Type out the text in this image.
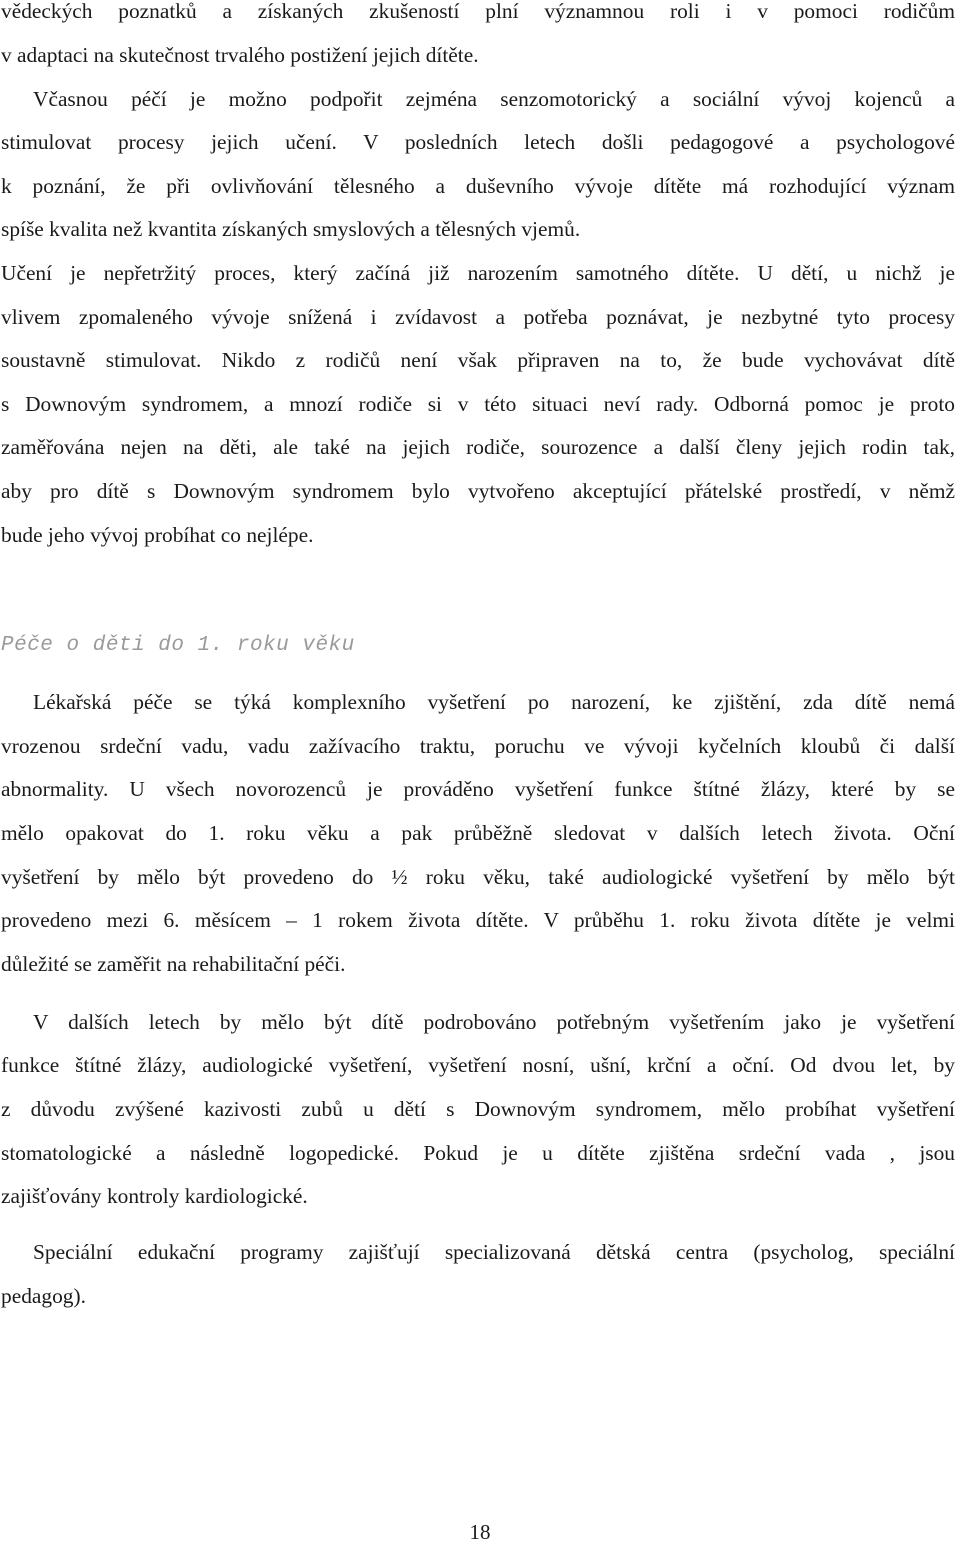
vědeckých poznatků a získaných zkušeností plní významnou roli i v pomoci rodičům
v adaptaci na skutečnost trvalého postižení jejich dítěte.
Včasnou péčí je možno podpořit zejména senzomotorický a sociální vývoj kojenců a
stimulovat procesy jejich učení. V posledních letech došli pedagogové a psychologové
k poznání, že při ovlivňování tělesného a duševního vývoje dítěte má rozhodující význam
spíše kvalita než kvantita získaných smyslových a tělesných vjemů.
Učení je nepřetržitý proces, který začíná již narozením samotného dítěte. U dětí, u nichž je
vlivem zpomaleného vývoje snížená i zvídavost a potřeba poznávat, je nezbytné tyto procesy
soustavně stimulovat. Nikdo z rodičů není však připraven na to, že bude vychovávat dítě
s Downovým syndromem, a mnozí rodiče si v této situaci neví rady. Odborná pomoc je proto
zaměřována nejen na děti, ale také na jejich rodiče, sourozence a další členy jejich rodin tak,
aby pro dítě s Downovým syndromem bylo vytvořeno akceptující přátelské prostředí, v němž
bude jeho vývoj probíhat co nejlépe.
Péče o děti do 1. roku věku
Lékařská péče se týká komplexního vyšetření po narození, ke zjištění, zda dítě nemá
vrozenou srdeční vadu, vadu zažívacího traktu, poruchu ve vývoji kyčelních kloubů či další
abnormality. U všech novorozenců je prováděno vyšetření funkce štítné žlázy, které by se
mělo opakovat do 1. roku věku a pak průběžně sledovat v dalších letech života. Oční
vyšetření by mělo být provedeno do ½ roku věku, také audiologické vyšetření by mělo být
provedeno mezi 6. měsícem – 1 rokem života dítěte. V průběhu 1. roku života dítěte je velmi
důležité se zaměřit na rehabilitační péči.
V dalších letech by mělo být dítě podrobováno potřebným vyšetřením jako je vyšetření
funkce štítné žlázy, audiologické vyšetření, vyšetření nosní, ušní, krční a oční. Od dvou let, by
z důvodu zvýšené kazivosti zubů u dětí s Downovým syndromem, mělo probíhat vyšetření
stomatologické a následně logopedické. Pokud je u dítěte zjištěna srdeční vada , jsou
zajišťovány kontroly kardiologické.
Speciální edukační programy zajišťují specializovaná dětská centra (psycholog, speciální
pedagog).
18
